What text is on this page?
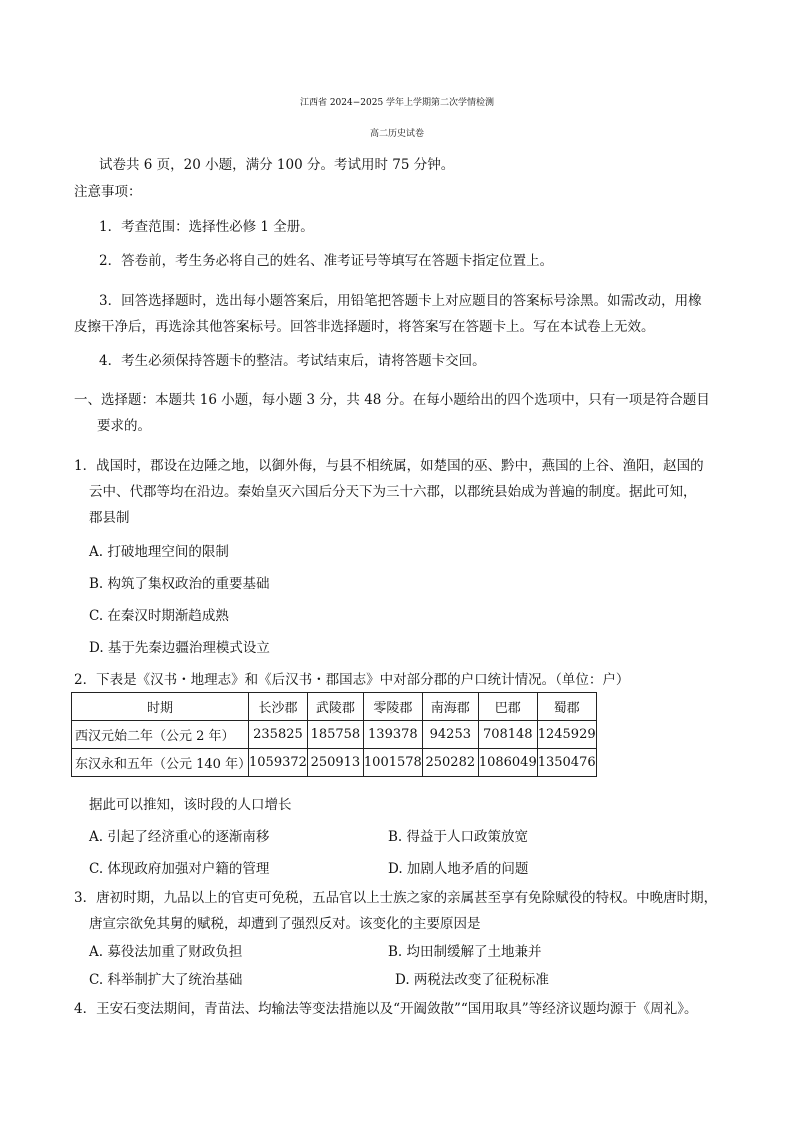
江西省 2024−2025 学年上学期第二次学情检测
高二历史试卷
试卷共 6 页，20 小题，满分 100 分。考试用时 75 分钟。
注意事项：
1．考查范围：选择性必修 1 全册。
2．答卷前，考生务必将自己的姓名、准考证号等填写在答题卡指定位置上。
3．回答选择题时，选出每小题答案后，用铅笔把答题卡上对应题目的答案标号涂黑。如需改动，用橡
皮擦干净后，再选涂其他答案标号。回答非选择题时，将答案写在答题卡上。写在本试卷上无效。
4．考生必须保持答题卡的整洁。考试结束后，请将答题卡交回。
一、选择题：本题共 16 小题，每小题 3 分，共 48 分。在每小题给出的四个选项中，只有一项是符合题目
要求的。
1．战国时，郡设在边陲之地，以御外侮，与县不相统属，如楚国的巫、黔中，燕国的上谷、渔阳，赵国的
云中、代郡等均在沿边。秦始皇灭六国后分天下为三十六郡，以郡统县始成为普遍的制度。据此可知，
郡县制
A. 打破地理空间的限制
B. 构筑了集权政治的重要基础
C. 在秦汉时期渐趋成熟
D. 基于先秦边疆治理模式设立
2．下表是《汉书・地理志》和《后汉书・郡国志》中对部分郡的户口统计情况。（单位：户）
时期	长沙郡	武陵郡	零陵郡	南海郡	巴郡	蜀郡
西汉元始二年（公元 2 年）	235825	185758	139378	94253	708148	1245929
东汉永和五年（公元 140 年）	1059372	250913	1001578	250282	1086049	1350476
据此可以推知，该时段的人口增长
A. 引起了经济重心的逐渐南移	B. 得益于人口政策放宽
C. 体现政府加强对户籍的管理	D. 加剧人地矛盾的问题
3．唐初时期，九品以上的官吏可免税，五品官以上士族之家的亲属甚至享有免除赋役的特权。中晚唐时期，
唐宣宗欲免其舅的赋税，却遭到了强烈反对。该变化的主要原因是
A. 募役法加重了财政负担	B. 均田制缓解了土地兼并
C. 科举制扩大了统治基础	D. 两税法改变了征税标准
4．王安石变法期间，青苗法、均输法等变法措施以及“开阖敛散”“国用取具”等经济议题均源于《周礼》。
